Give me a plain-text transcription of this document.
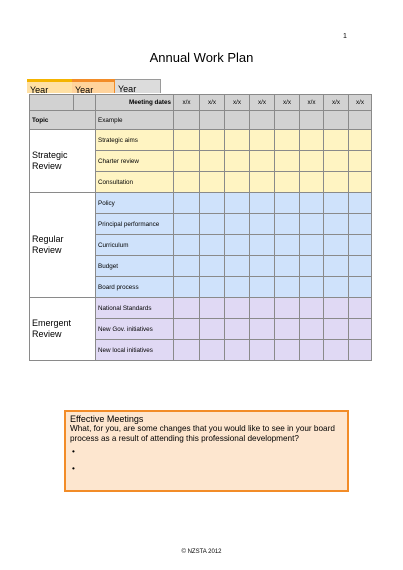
1
Annual Work Plan
Year	Year	Year
		Meeting dates	x/x	x/x	x/x	x/x	x/x	x/x	x/x	x/x
Topic		Example								
Strategic Review		Strategic aims								
		Charter review								
		Consultation								
Regular Review		Policy								
		Principal performance								
		Curriculum								
		Budget								
		Board process								
Emergent Review		National Standards								
		New Gov. initiatives								
		New local initiatives								
Effective Meetings
What, for you, are some changes that you would like to see in your board process as a result of attending this professional development?
•
•
© NZSTA 2012
